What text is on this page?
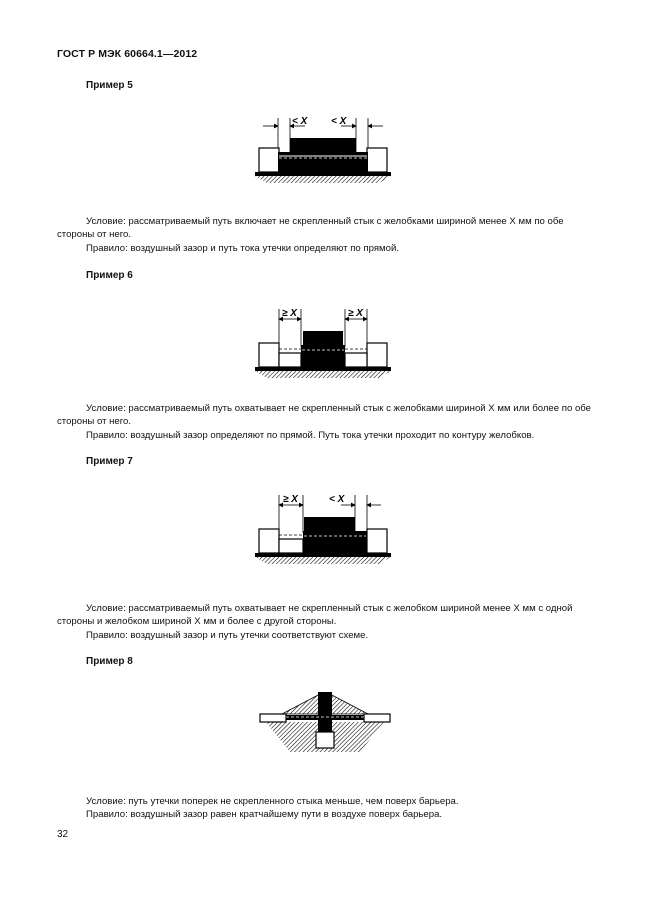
ГОСТ Р МЭК 60664.1—2012
Пример 5
< X < X

Условие: рассматриваемый путь включает не скрепленный стык с желобками шириной менее X мм по обе стороны от него.

Правило: воздушный зазор и путь тока утечки определяют по прямой.

Пример 6
≥ X	≥ X

Условие: рассматриваемый путь охватывает не скрепленный стык с желобками шириной X мм или более по обе стороны от него.

Правило: воздушный зазор определяют по прямой. Путь тока утечки проходит по контуру желобков.

Пример 7
≥ X	< X

Условие: рассматриваемый путь охватывает не скрепленный стык с желобком шириной менее X мм с одной стороны и желобком шириной X мм и более с другой стороны.

Правило: воздушный зазор и путь утечки соответствуют схеме.

Пример 8

Условие: путь утечки поперек не скрепленного стыка меньше, чем поверх барьера.

Правило: воздушный зазор равен кратчайшему пути в воздухе поверх барьера.

32
